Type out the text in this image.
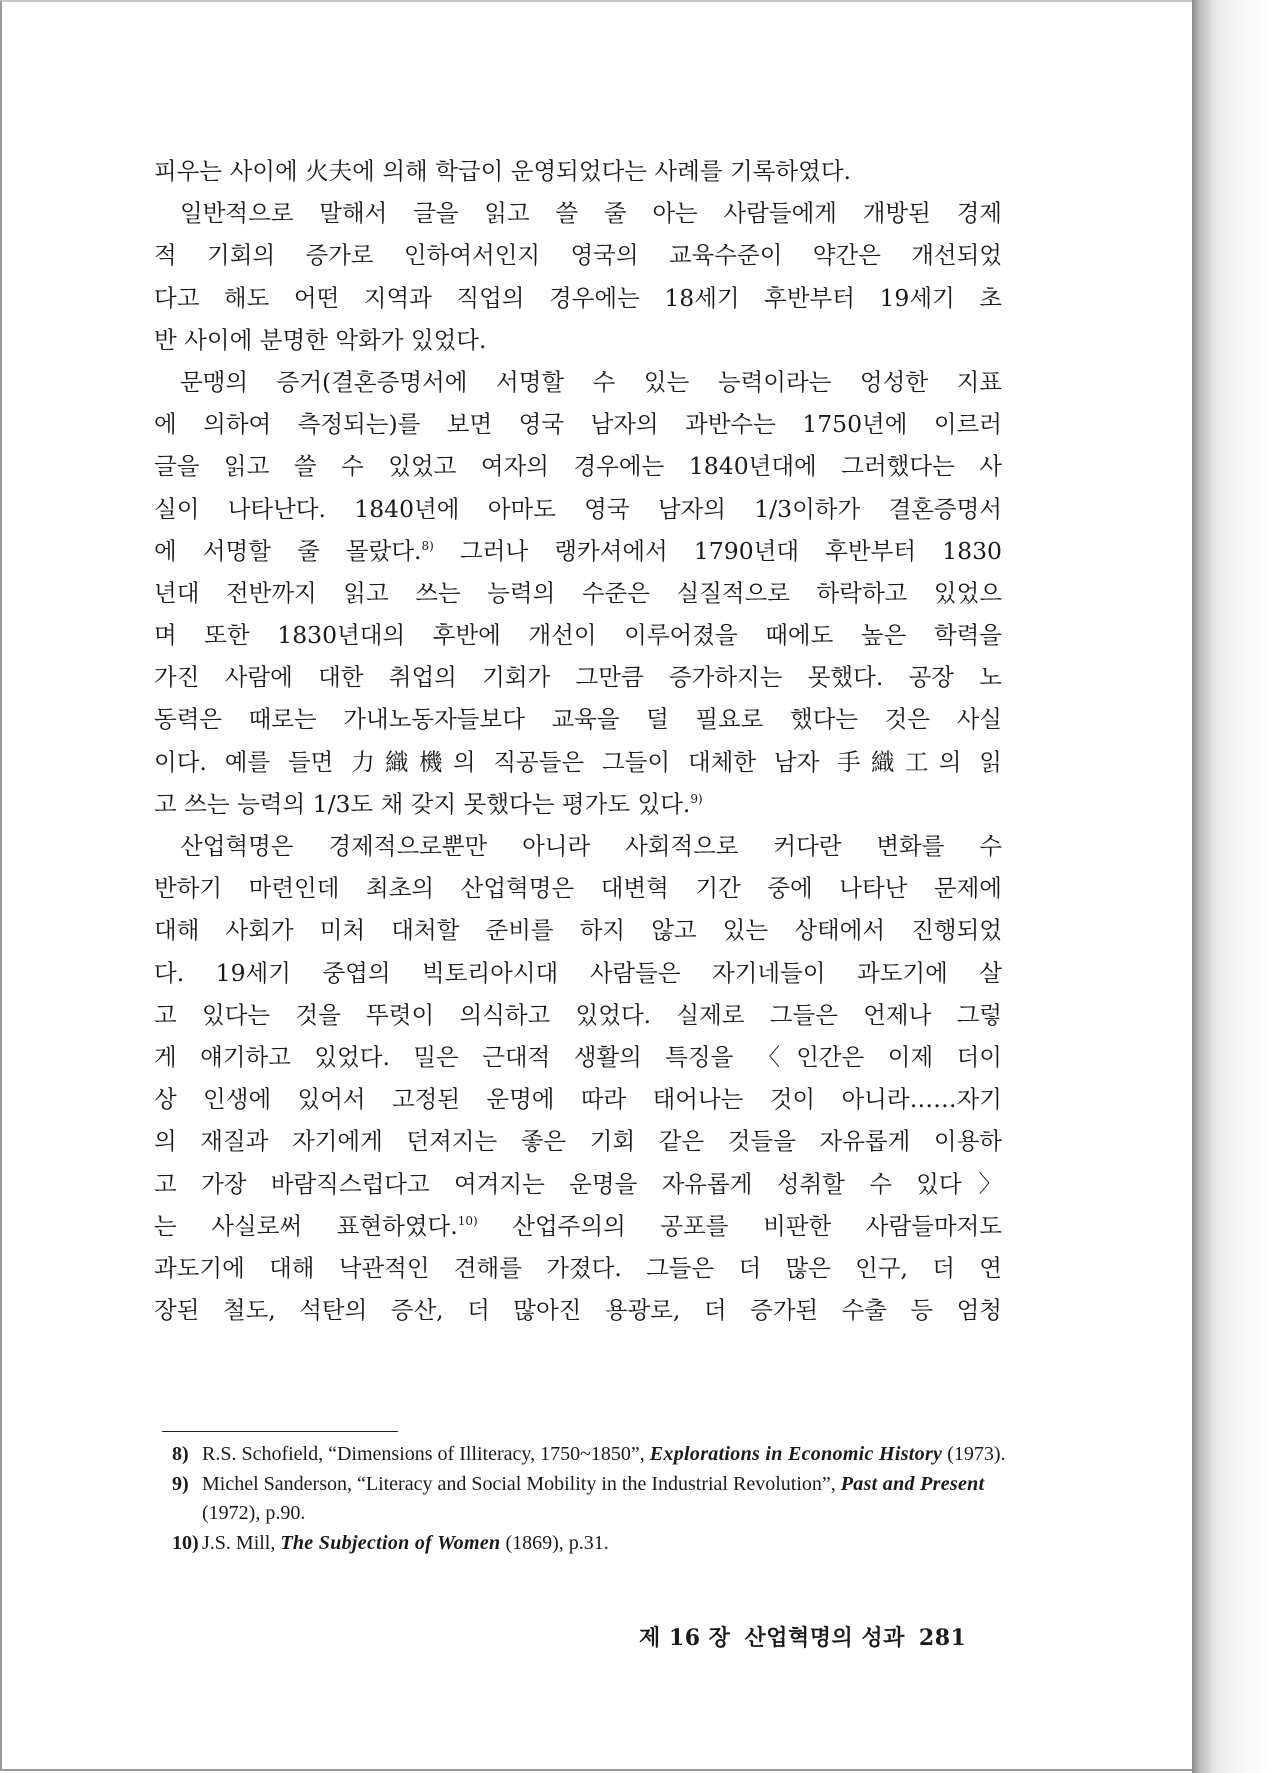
피우는 사이에 火夫에 의해 학급이 운영되었다는 사례를 기록하였다.
일반적으로 말해서 글을 읽고 쓸 줄 아는 사람들에게 개방된 경제
적 기회의 증가로 인하여서인지 영국의 교육수준이 약간은 개선되었
다고 해도 어떤 지역과 직업의 경우에는 18세기 후반부터 19세기 초
반 사이에 분명한 악화가 있었다.
문맹의 증거(결혼증명서에 서명할 수 있는 능력이라는 엉성한 지표
에 의하여 측정되는)를 보면 영국 남자의 과반수는 1750년에 이르러
글을 읽고 쓸 수 있었고 여자의 경우에는 1840년대에 그러했다는 사
실이 나타난다. 1840년에 아마도 영국 남자의 1/3이하가 결혼증명서
에 서명할 줄 몰랐다.$^{8)}$ 그러나 랭카셔에서 1790년대 후반부터 1830
년대 전반까지 읽고 쓰는 능력의 수준은 실질적으로 하락하고 있었으
며 또한 1830년대의 후반에 개선이 이루어졌을 때에도 높은 학력을
가진 사람에 대한 취업의 기회가 그만큼 증가하지는 못했다. 공장 노
동력은 때로는 가내노동자들보다 교육을 덜 필요로 했다는 것은 사실
이다. 예를 들면 力織機의 직공들은 그들이 대체한 남자 手織工의 읽
고 쓰는 능력의 1/3도 채 갖지 못했다는 평가도 있다.$^{9)}$
산업혁명은 경제적으로뿐만 아니라 사회적으로 커다란 변화를 수
반하기 마련인데 최초의 산업혁명은 대변혁 기간 중에 나타난 문제에
대해 사회가 미처 대처할 준비를 하지 않고 있는 상태에서 진행되었
다. 19세기 중엽의 빅토리아시대 사람들은 자기네들이 과도기에 살
고 있다는 것을 뚜렷이 의식하고 있었다. 실제로 그들은 언제나 그렇
게 얘기하고 있었다. 밀은 근대적 생활의 특징을 〈인간은 이제 더이
상 인생에 있어서 고정된 운명에 따라 태어나는 것이 아니라……자기
의 재질과 자기에게 던져지는 좋은 기회 같은 것들을 자유롭게 이용하
고 가장 바람직스럽다고 여겨지는 운명을 자유롭게 성취할 수 있다〉
는 사실로써 표현하였다.$^{10)}$ 산업주의의 공포를 비판한 사람들마저도
과도기에 대해 낙관적인 견해를 가졌다. 그들은 더 많은 인구, 더 연
장된 철도, 석탄의 증산, 더 많아진 용광로, 더 증가된 수출 등 엄청
8) R.S. Schofield, “Dimensions of Illiteracy, 1750~1850”, Explorations in Economic History (1973).
9) Michel Sanderson, “Literacy and Social Mobility in the Industrial Revolution”, Past and Present (1972), p.90.
10) J.S. Mill, The Subjection of Women (1869), p.31.
제 16 장 산업혁명의 성과 281
